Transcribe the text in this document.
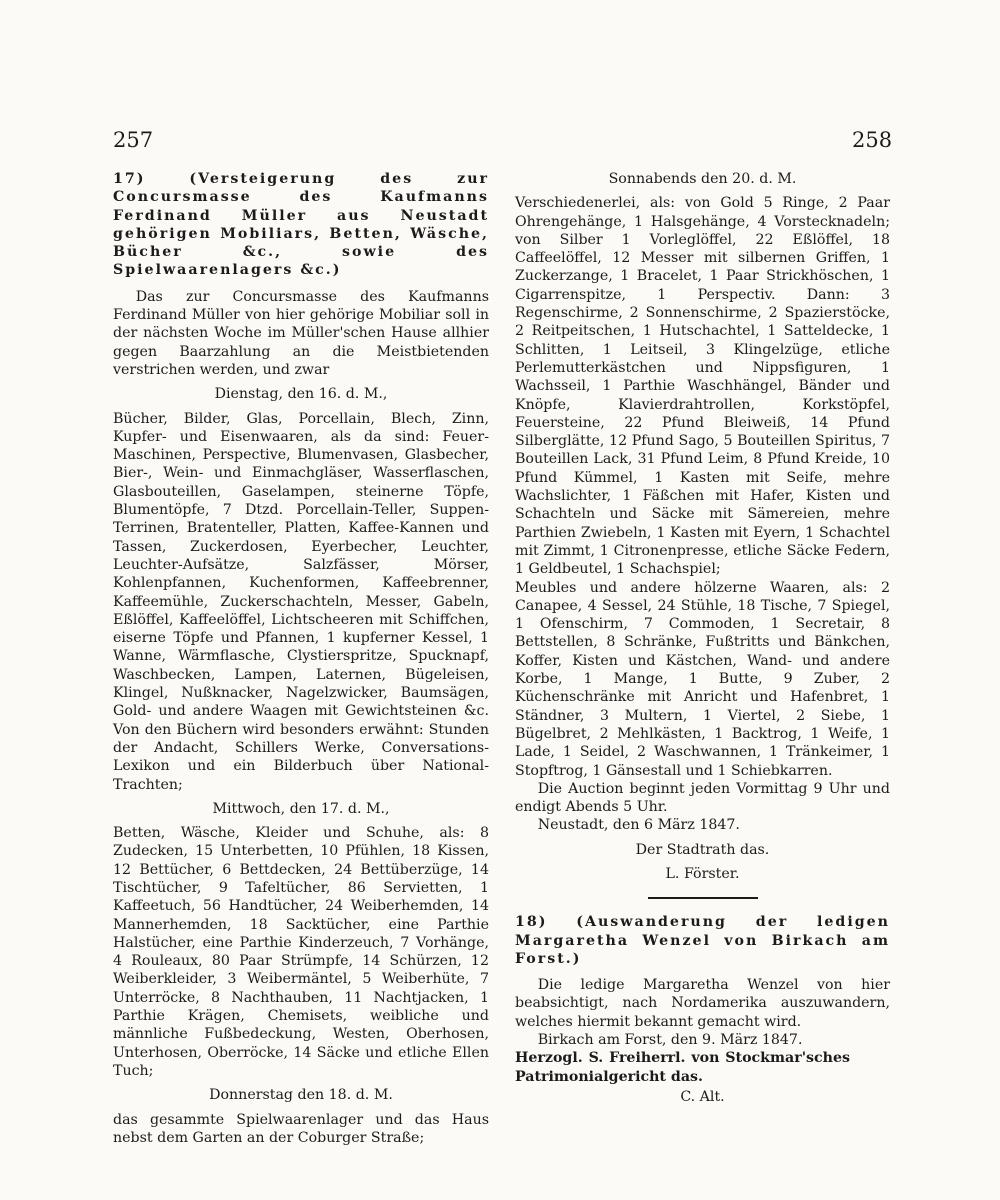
257	258

17) (Versteigerung des zur Concursmasse des Kaufmanns Ferdinand Müller aus Neustadt gehörigen Mobiliars, Betten, Wäsche, Bücher &c., sowie des Spielwaarenlagers &c.)

Das zur Concursmasse des Kaufmanns Ferdinand Müller von hier gehörige Mobiliar soll in der nächsten Woche im Müller'schen Hause allhier gegen Baarzahlung an die Meistbietenden verstrichen werden, und zwar

Dienstag, den 16. d. M.,

Bücher, Bilder, Glas, Porcellain, Blech, Zinn, Kupfer- und Eisenwaaren, als da sind: Feuer-Maschinen, Perspective, Blumenvasen, Glasbecher, Bier-, Wein- und Einmachgläser, Wasserflaschen, Glasbouteillen, Gaselampen, steinerne Töpfe, Blumentöpfe, 7 Dtzd. Porcellain-Teller, Suppen-Terrinen, Bratenteller, Platten, Kaffee-Kannen und Tassen, Zuckerdosen, Eyerbecher, Leuchter, Leuchter-Aufsätze, Salzfässer, Mörser, Kohlenpfannen, Kuchenformen, Kaffeebrenner, Kaffeemühle, Zuckerschachteln, Messer, Gabeln, Eßlöffel, Kaffeelöffel, Lichtscheeren mit Schiffchen, eiserne Töpfe und Pfannen, 1 kupferner Kessel, 1 Wanne, Wärmflasche, Clystierspritze, Spucknapf, Waschbecken, Lampen, Laternen, Bügeleisen, Klingel, Nußknacker, Nagelzwicker, Baumsägen, Gold- und andere Waagen mit Gewichtsteinen &c. Von den Büchern wird besonders erwähnt: Stunden der Andacht, Schillers Werke, Conversations-Lexikon und ein Bilderbuch über National-Trachten;

Mittwoch, den 17. d. M.,

Betten, Wäsche, Kleider und Schuhe, als: 8 Zudecken, 15 Unterbetten, 10 Pfühlen, 18 Kissen, 12 Bettücher, 6 Bettdecken, 24 Bettüberzüge, 14 Tischtücher, 9 Tafeltücher, 86 Servietten, 1 Kaffeetuch, 56 Handtücher, 24 Weiberhemden, 14 Mannerhemden, 18 Sacktücher, eine Parthie Halstücher, eine Parthie Kinderzeuch, 7 Vorhänge, 4 Rouleaux, 80 Paar Strümpfe, 14 Schürzen, 12 Weiberkleider, 3 Weibermäntel, 5 Weiberhüte, 7 Unterröcke, 8 Nachthauben, 11 Nachtjacken, 1 Parthie Krägen, Chemisets, weibliche und männliche Fußbedeckung, Westen, Oberhosen, Unterhosen, Oberröcke, 14 Säcke und etliche Ellen Tuch;

Donnerstag den 18. d. M.

das gesammte Spielwaarenlager und das Haus nebst dem Garten an der Coburger Straße;

Sonnabends den 20. d. M.

Verschiedenerlei, als: von Gold 5 Ringe, 2 Paar Ohrengehänge, 1 Halsgehänge, 4 Vorstecknadeln; von Silber 1 Vorleglöffel, 22 Eßlöffel, 18 Caffeelöffel, 12 Messer mit silbernen Griffen, 1 Zuckerzange, 1 Bracelet, 1 Paar Strickhöschen, 1 Cigarrenspitze, 1 Perspectiv. Dann: 3 Regenschirme, 2 Sonnenschirme, 2 Spazierstöcke, 2 Reitpeitschen, 1 Hutschachtel, 1 Satteldecke, 1 Schlitten, 1 Leitseil, 3 Klingelzüge, etliche Perlemutterkästchen und Nippsfiguren, 1 Wachsseil, 1 Parthie Waschhängel, Bänder und Knöpfe, Klavierdrahtrollen, Korkstöpfel, Feuersteine, 22 Pfund Bleiweiß, 14 Pfund Silberglätte, 12 Pfund Sago, 5 Bouteillen Spiritus, 7 Bouteillen Lack, 31 Pfund Leim, 8 Pfund Kreide, 10 Pfund Kümmel, 1 Kasten mit Seife, mehre Wachslichter, 1 Fäßchen mit Hafer, Kisten und Schachteln und Säcke mit Sämereien, mehre Parthien Zwiebeln, 1 Kasten mit Eyern, 1 Schachtel mit Zimmt, 1 Citronenpresse, etliche Säcke Federn, 1 Geldbeutel, 1 Schachspiel;

Meubles und andere hölzerne Waaren, als: 2 Canapee, 4 Sessel, 24 Stühle, 18 Tische, 7 Spiegel, 1 Ofenschirm, 7 Commoden, 1 Secretair, 8 Bettstellen, 8 Schränke, Fußtritts und Bänkchen, Koffer, Kisten und Kästchen, Wand- und andere Korbe, 1 Mange, 1 Butte, 9 Zuber, 2 Küchenschränke mit Anricht und Hafenbret, 1 Ständner, 3 Multern, 1 Viertel, 2 Siebe, 1 Bügelbret, 2 Mehlkästen, 1 Backtrog, 1 Weife, 1 Lade, 1 Seidel, 2 Waschwannen, 1 Tränkeimer, 1 Stopftrog, 1 Gänsestall und 1 Schiebkarren.

Die Auction beginnt jeden Vormittag 9 Uhr und endigt Abends 5 Uhr.

Neustadt, den 6 März 1847.

Der Stadtrath das.

L. Förster.

18) (Auswanderung der ledigen Margaretha Wenzel von Birkach am Forst.)

Die ledige Margaretha Wenzel von hier beabsichtigt, nach Nordamerika auszuwandern, welches hiermit bekannt gemacht wird.

Birkach am Forst, den 9. März 1847.

Herzogl. S. Freiherrl. von Stockmar'sches Patrimonialgericht das.

C. Alt.
